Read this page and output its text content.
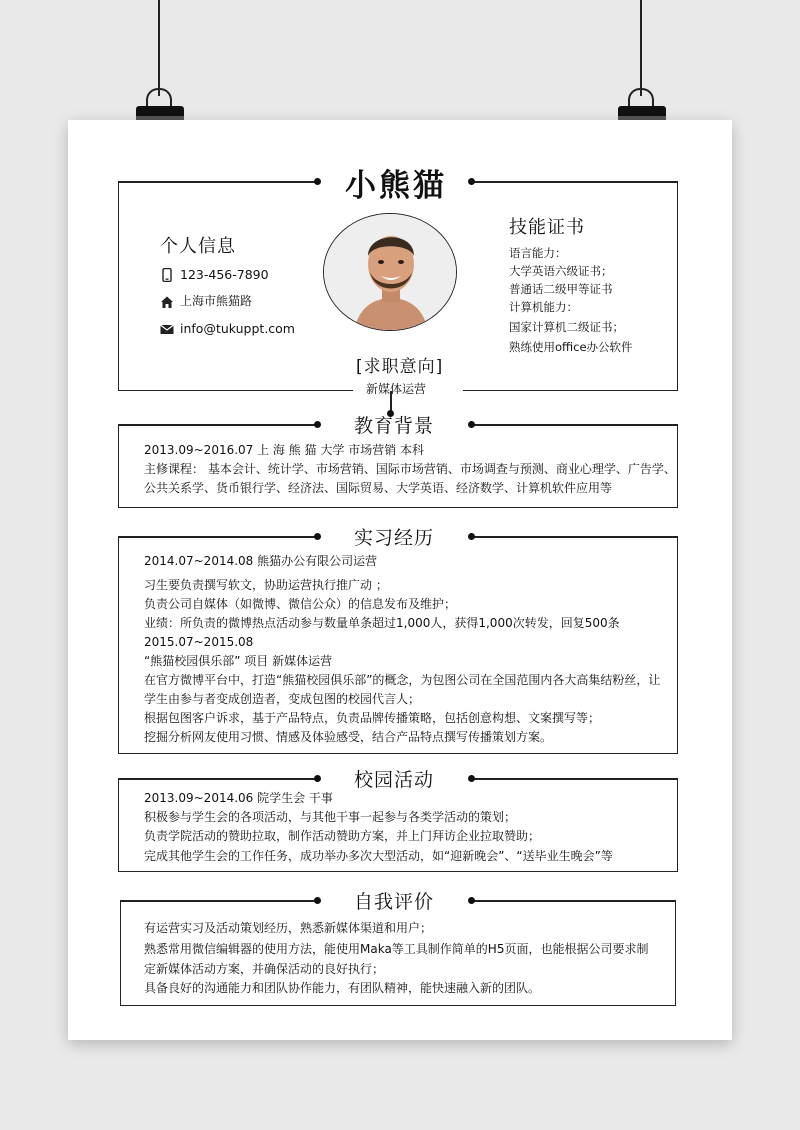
小熊猫
个人信息
123-456-7890
上海市熊猫路
info@tukuppt.com
技能证书
语言能力：
大学英语六级证书；
普通话二级甲等证书
计算机能力：
国家计算机二级证书；
熟练使用office办公软件
[求职意向]
新媒体运营
教育背景
2013.09~2016.07 上 海 熊 猫 大学 市场营销 本科
主修课程： 基本会计、统计学、市场营销、国际市场营销、市场调查与预测、商业心理学、广告学、
公共关系学、货币银行学、经济法、国际贸易、大学英语、经济数学、计算机软件应用等
实习经历
2014.07~2014.08 熊猫办公有限公司运营
习生要负责撰写软文，协助运营执行推广动 ；
负责公司自媒体（如微博、微信公众）的信息发布及维护；
业绩：所负责的微博热点活动参与数量单条超过1,000人，获得1,000次转发，回复500条
2015.07~2015.08
“熊猫校园俱乐部” 项目 新媒体运营
在官方微博平台中，打造“熊猫校园俱乐部”的概念，为包图公司在全国范围内各大高集结粉丝，让
学生由参与者变成创造者，变成包图的校园代言人；
根据包图客户诉求，基于产品特点，负责品牌传播策略，包括创意构想、文案撰写等；
挖掘分析网友使用习惯、情感及体验感受，结合产品特点撰写传播策划方案。
校园活动
2013.09~2014.06 院学生会 干事
积极参与学生会的各项活动，与其他干事一起参与各类学活动的策划；
负责学院活动的赞助拉取，制作活动赞助方案，并上门拜访企业拉取赞助；
完成其他学生会的工作任务，成功举办多次大型活动，如“迎新晚会”、“送毕业生晚会”等
自我评价
有运营实习及活动策划经历，熟悉新媒体渠道和用户；
熟悉常用微信编辑器的使用方法，能使用Maka等工具制作简单的H5页面，也能根据公司要求制
定新媒体活动方案，并确保活动的良好执行；
具备良好的沟通能力和团队协作能力，有团队精神，能快速融入新的团队。
